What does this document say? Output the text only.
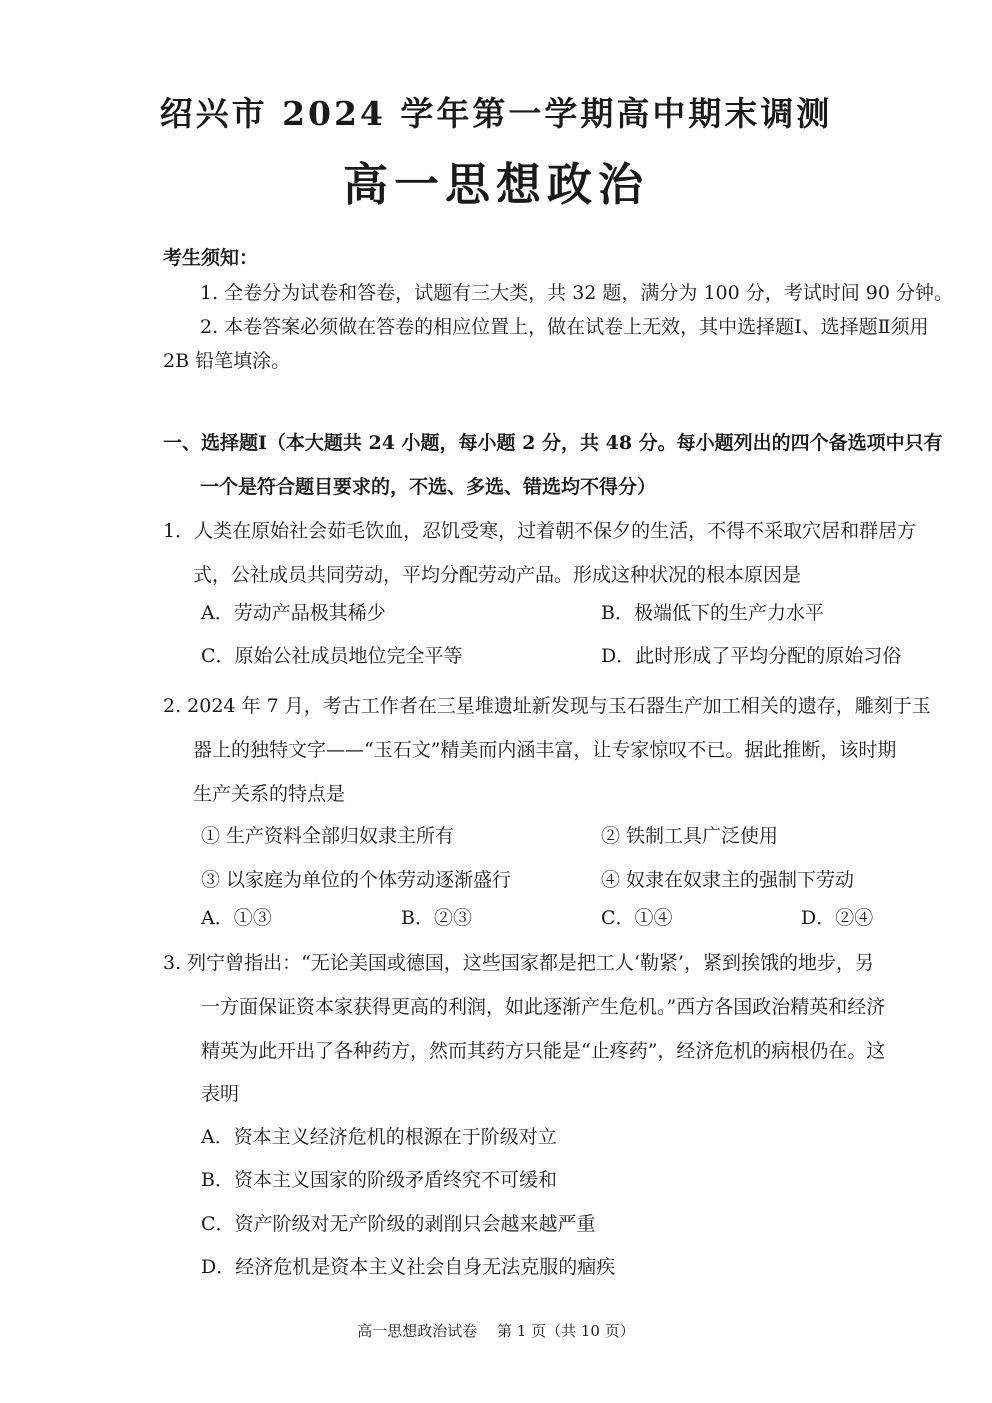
绍兴市 2024 学年第一学期高中期末调测
高一思想政治
考生须知：
1. 全卷分为试卷和答卷，试题有三大类，共 32 题，满分为 100 分，考试时间 90 分钟。
2. 本卷答案必须做在答卷的相应位置上，做在试卷上无效，其中选择题Ⅰ、选择题Ⅱ须用
2B 铅笔填涂。
一、选择题Ⅰ（本大题共 24 小题，每小题 2 分，共 48 分。每小题列出的四个备选项中只有
一个是符合题目要求的，不选、多选、错选均不得分）
1．人类在原始社会茹毛饮血，忍饥受寒，过着朝不保夕的生活，不得不采取穴居和群居方
式，公社成员共同劳动，平均分配劳动产品。形成这种状况的根本原因是
A．劳动产品极其稀少	B．极端低下的生产力水平
C．原始公社成员地位完全平等	D．此时形成了平均分配的原始习俗
2. 2024 年 7 月，考古工作者在三星堆遗址新发现与玉石器生产加工相关的遗存，雕刻于玉
器上的独特文字——“玉石文”精美而内涵丰富，让专家惊叹不已。据此推断，该时期
生产关系的特点是
① 生产资料全部归奴隶主所有	② 铁制工具广泛使用
③ 以家庭为单位的个体劳动逐渐盛行	④ 奴隶在奴隶主的强制下劳动
A．①③	B．②③	C．①④	D．②④
3. 列宁曾指出：“无论美国或德国，这些国家都是把工人‘勒紧’，紧到挨饿的地步，另
一方面保证资本家获得更高的利润，如此逐渐产生危机。”西方各国政治精英和经济
精英为此开出了各种药方，然而其药方只能是“止疼药”，经济危机的病根仍在。这
表明
A．资本主义经济危机的根源在于阶级对立
B．资本主义国家的阶级矛盾终究不可缓和
C．资产阶级对无产阶级的剥削只会越来越严重
D．经济危机是资本主义社会自身无法克服的痼疾
高一思想政治试卷　 第 1 页（共 10 页）
